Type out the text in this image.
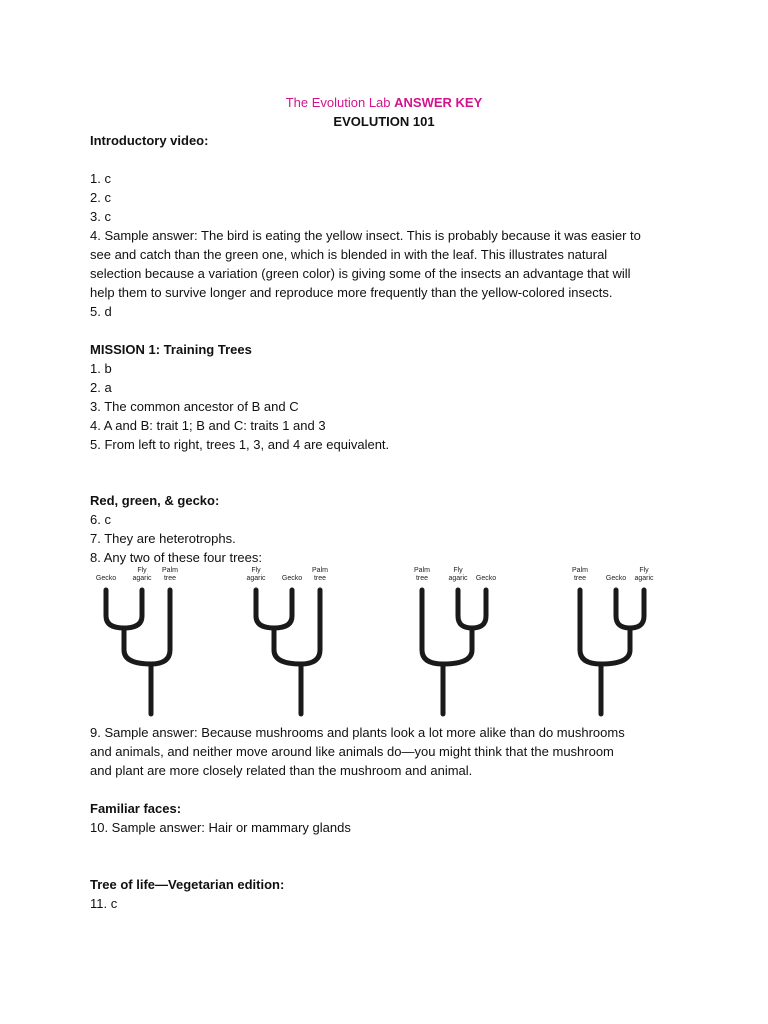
The Evolution Lab ANSWER KEY
EVOLUTION 101
Introductory video:
1. c
2. c
3. c
4. Sample answer: The bird is eating the yellow insect. This is probably because it was easier to
see and catch than the green one, which is blended in with the leaf. This illustrates natural
selection because a variation (green color) is giving some of the insects an advantage that will
help them to survive longer and reproduce more frequently than the yellow-colored insects.
5. d
MISSION 1: Training Trees
1. b
2. a
3. The common ancestor of B and C
4. A and B: trait 1; B and C: traits 1 and 3
5. From left to right, trees 1, 3, and 4 are equivalent.
Red, green, & gecko:
6. c
7. They are heterotrophs.
8. Any two of these four trees:
Gecko
Fly
agaric
Palm
tree
Fly
agaric Gecko
Palm
tree
Palm
tree
Fly
agaric Gecko
Palm
tree	Gecko
Fly
agaric
9. Sample answer: Because mushrooms and plants look a lot more alike than do mushrooms
and animals, and neither move around like animals do—you might think that the mushroom
and plant are more closely related than the mushroom and animal.
Familiar faces:
10. Sample answer: Hair or mammary glands
Tree of life—Vegetarian edition:
11. c
